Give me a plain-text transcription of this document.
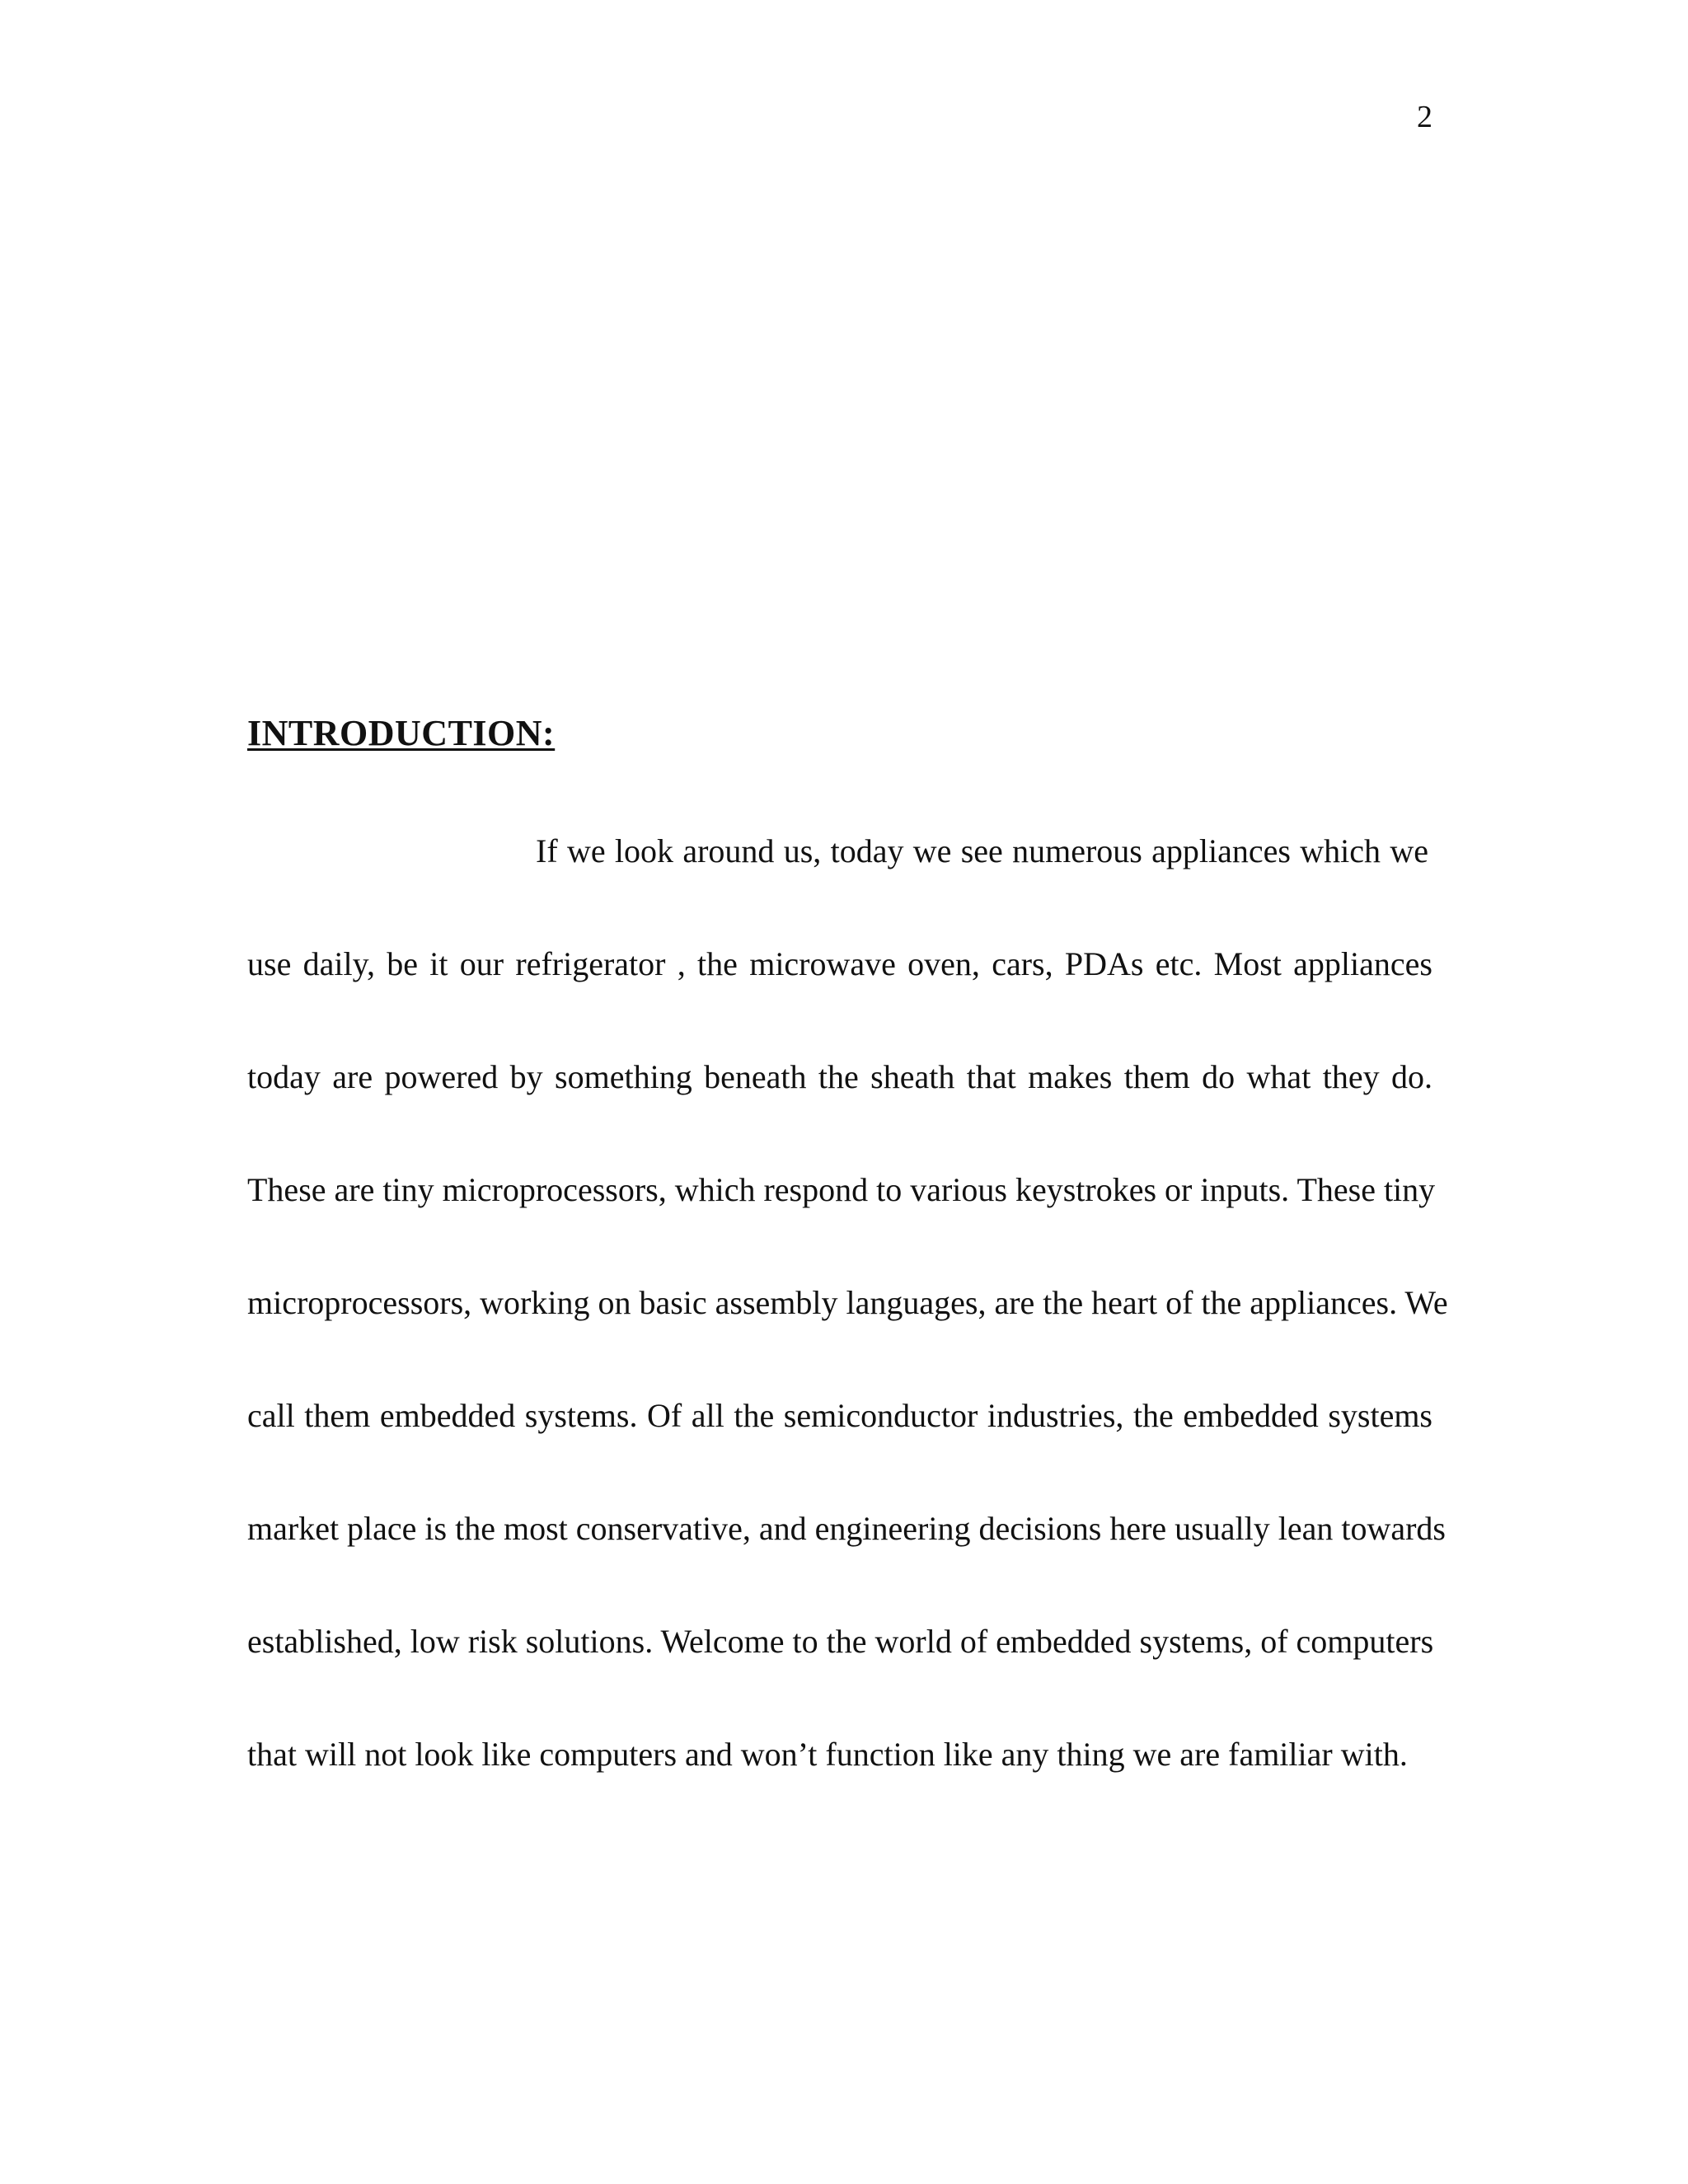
2
INTRODUCTION:
If we look around us, today we see numerous appliances which we
use daily, be it our refrigerator , the microwave oven, cars, PDAs etc. Most appliances
today are powered by something beneath the sheath that makes them do what they do.
These are tiny microprocessors, which respond to various keystrokes or inputs. These tiny
microprocessors, working on basic assembly languages, are the heart of the appliances. We
call them embedded systems. Of all the semiconductor industries, the embedded systems
market place is the most conservative, and engineering decisions here usually lean towards
established, low risk solutions. Welcome to the world of embedded systems, of computers
that will not look like computers and won’t function like any thing we are familiar with.
